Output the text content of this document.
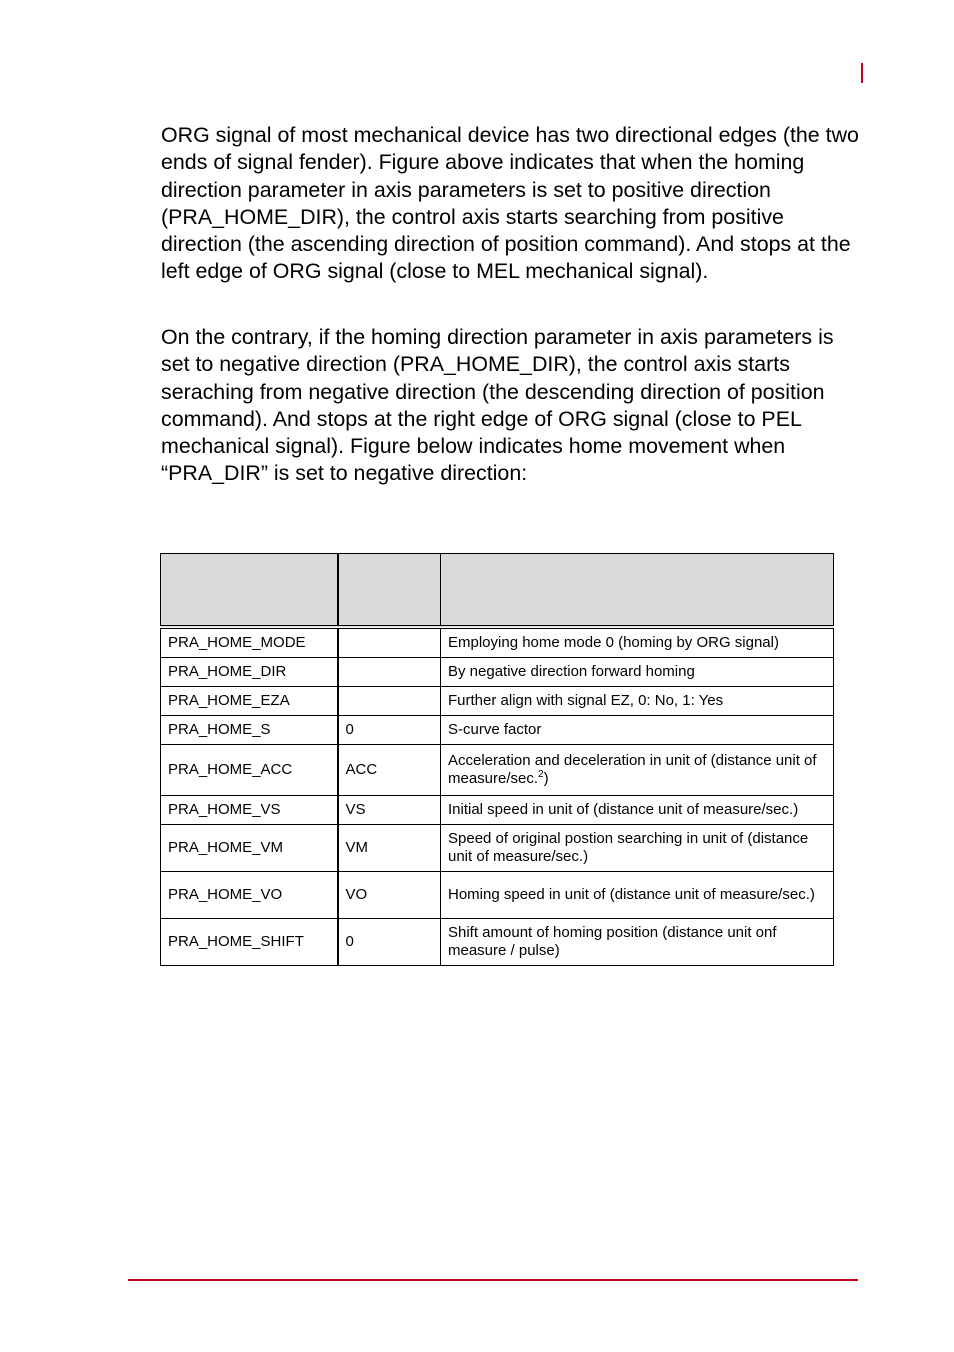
ORG signal of most mechanical device has two directional edges (the two ends of signal fender). Figure above indicates that when the homing direction parameter in axis parameters is set to positive direction (PRA_HOME_DIR), the control axis starts searching from positive direction (the ascending direction of position command). And stops at the left edge of ORG signal (close to MEL mechanical signal).
On the contrary, if the homing direction parameter in axis parameters is set to negative direction (PRA_HOME_DIR), the control axis starts seraching from negative direction (the descending direction of position command). And stops at the right edge of ORG signal (close to PEL mechanical signal). Figure below indicates home movement when “PRA_DIR” is set to negative direction:

PRA_HOME_MODE		Employing home mode 0 (homing by ORG signal)
PRA_HOME_DIR		By negative direction forward homing
PRA_HOME_EZA		Further align with signal EZ, 0: No, 1: Yes
PRA_HOME_S	0	S-curve factor
PRA_HOME_ACC	ACC	Acceleration and deceleration in unit of (distance unit of measure/sec.$^2$)
PRA_HOME_VS	VS	Initial speed in unit of (distance unit of measure/sec.)
PRA_HOME_VM	VM	Speed of original postion searching in unit of (distance unit of measure/sec.)
PRA_HOME_VO	VO	Homing speed in unit of (distance unit of measure/sec.)
PRA_HOME_SHIFT	0	Shift amount of homing position (distance unit onf measure / pulse)
